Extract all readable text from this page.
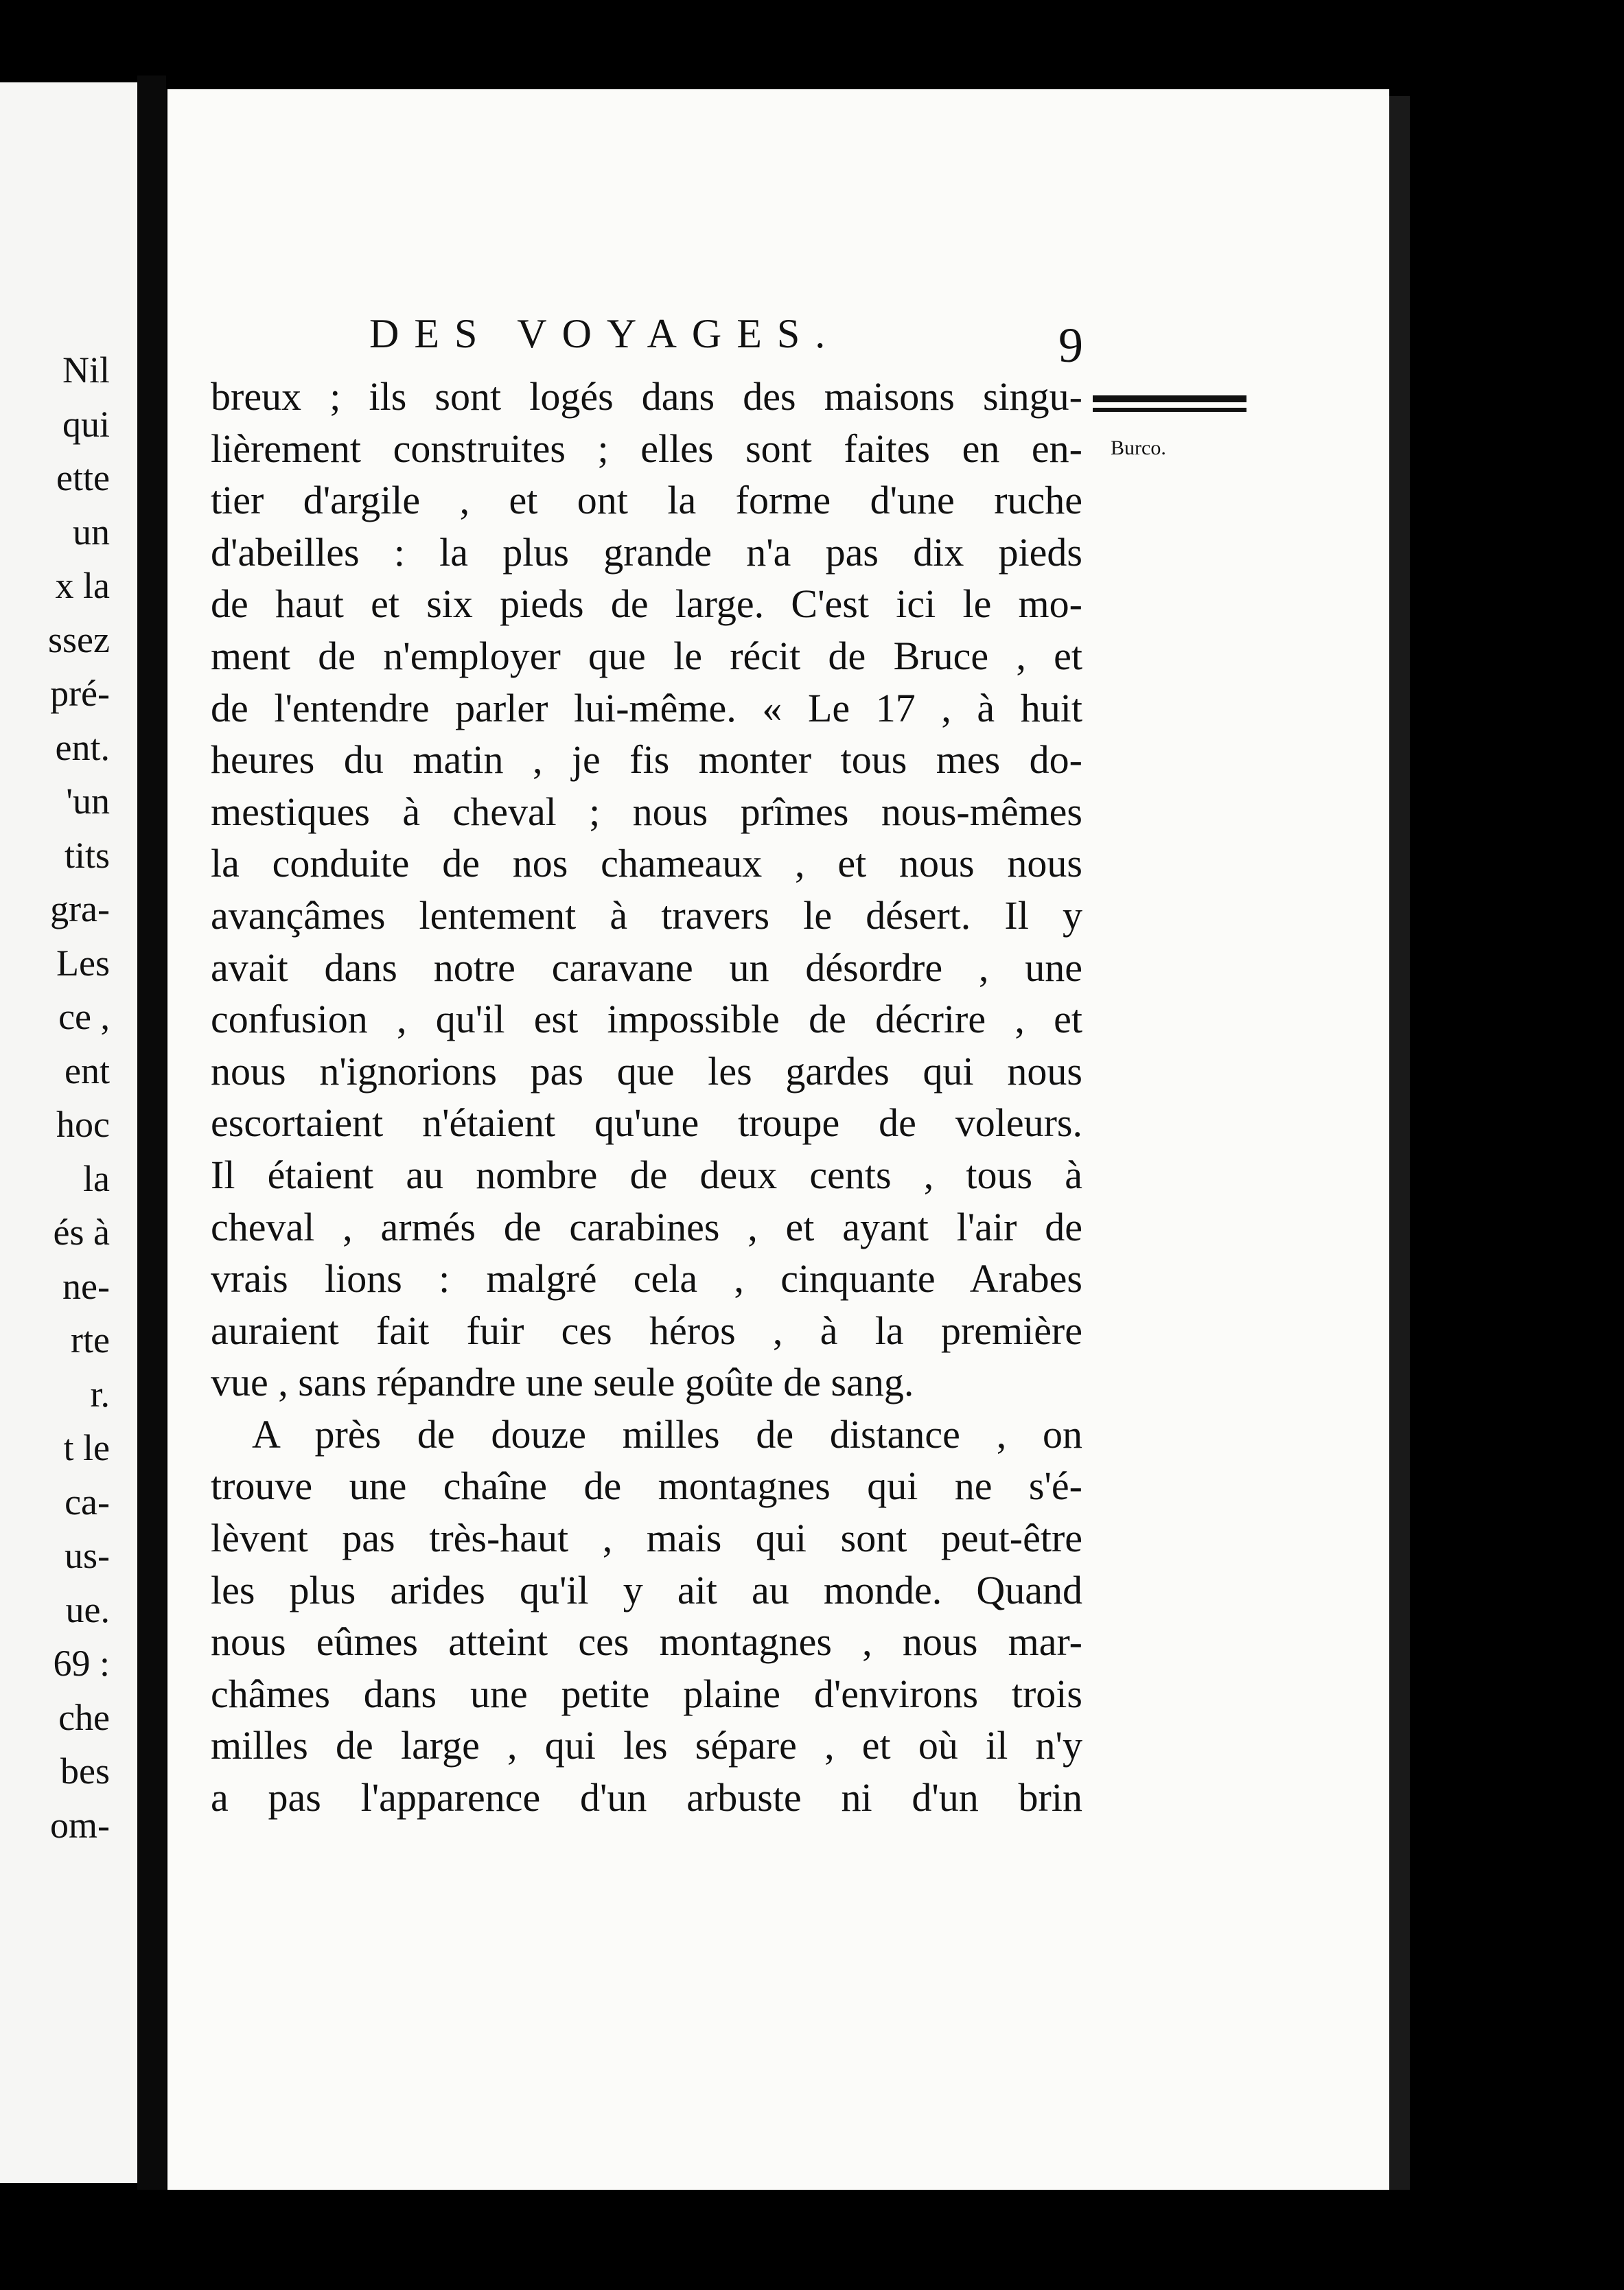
Nil
qui
ette
un
x la
ssez
pré-
ent.
'un
tits
gra-
Les
ce ,
ent
hoc
la
és à
ne-
rte
r.
t le
ca-
us-
ue.
69 :
che
bes
om-
DES VOYAGES.	9
Burco.
breux ; ils sont logés dans des maisons singu-
lièrement construites ; elles sont faites en en-
tier d'argile , et ont la forme d'une ruche
d'abeilles : la plus grande n'a pas dix pieds
de haut et six pieds de large. C'est ici le mo-
ment de n'employer que le récit de Bruce , et
de l'entendre parler lui-même. « Le 17 , à huit
heures du matin , je fis monter tous mes do-
mestiques à cheval ; nous prîmes nous-mêmes
la conduite de nos chameaux , et nous nous
avançâmes lentement à travers le désert. Il y
avait dans notre caravane un désordre , une
confusion , qu'il est impossible de décrire , et
nous n'ignorions pas que les gardes qui nous
escortaient n'étaient qu'une troupe de voleurs.
Il étaient au nombre de deux cents , tous à
cheval , armés de carabines , et ayant l'air de
vrais lions : malgré cela , cinquante Arabes
auraient fait fuir ces héros , à la première
vue , sans répandre une seule goûte de sang.
A près de douze milles de distance , on
trouve une chaîne de montagnes qui ne s'é-
lèvent pas très-haut , mais qui sont peut-être
les plus arides qu'il y ait au monde. Quand
nous eûmes atteint ces montagnes , nous mar-
châmes dans une petite plaine d'environs trois
milles de large , qui les sépare , et où il n'y
a pas l'apparence d'un arbuste ni d'un brin
